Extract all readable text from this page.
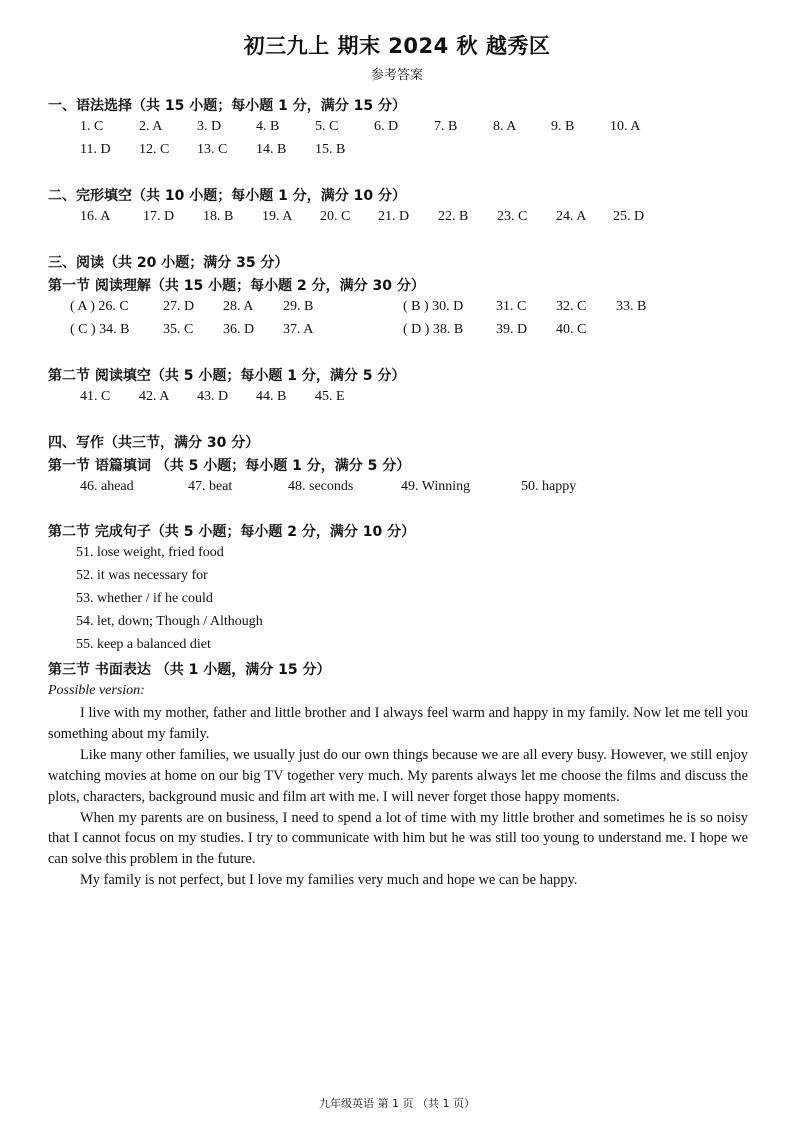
初三九上 期末 2024 秋 越秀区
参考答案
一、语法选择（共 15 小题；每小题 1 分，满分 15 分）
1. C	2. A 3. D 4. B	5. C	6. D	7. B	8. A 9. B	10. A
11. D 12. C 13. C 14. B 15. B
二、完形填空（共 10 小题；每小题 1 分，满分 10 分）
16. A 17. D 18. B 19. A 20. C 21. D 22. B 23. C 24. A 25. D
三、阅读（共 20 小题；满分 35 分）
第一节 阅读理解（共 15 小题；每小题 2 分，满分 30 分）
( A ) 26. C 27. D 28. A 29. B	( B ) 30. D 31. C 32. C 33. B
( C ) 34. B 35. C 36. D 37. A	( D ) 38. B 39. D 40. C
第二节 阅读填空（共 5 小题；每小题 1 分，满分 5 分）
41. C 42. A 43. D 44. B 45. E
四、写作（共三节，满分 30 分）
第一节 语篇填词 （共 5 小题；每小题 1 分，满分 5 分）
46. ahead	47. beat	48. seconds	49. Winning	50. happy
第二节 完成句子（共 5 小题；每小题 2 分，满分 10 分）
51. lose weight, fried food
52. it was necessary for
53. whether / if he could
54. let, down; Though / Although
55. keep a balanced diet
第三节 书面表达 （共 1 小题，满分 15 分）
Possible version:

I live with my mother, father and little brother and I always feel warm and happy in my family. Now let me tell you something about my family.

Like many other families, we usually just do our own things because we are all every busy. However, we still enjoy watching movies at home on our big TV together very much. My parents always let me choose the films and discuss the plots, characters, background music and film art with me. I will never forget those happy moments.

When my parents are on business, I need to spend a lot of time with my little brother and sometimes he is so noisy that I cannot focus on my studies. I try to communicate with him but he was still too young to understand me. I hope we can solve this problem in the future.

My family is not perfect, but I love my families very much and hope we can be happy.

九年级英语 第 1 页 （共 1 页）
